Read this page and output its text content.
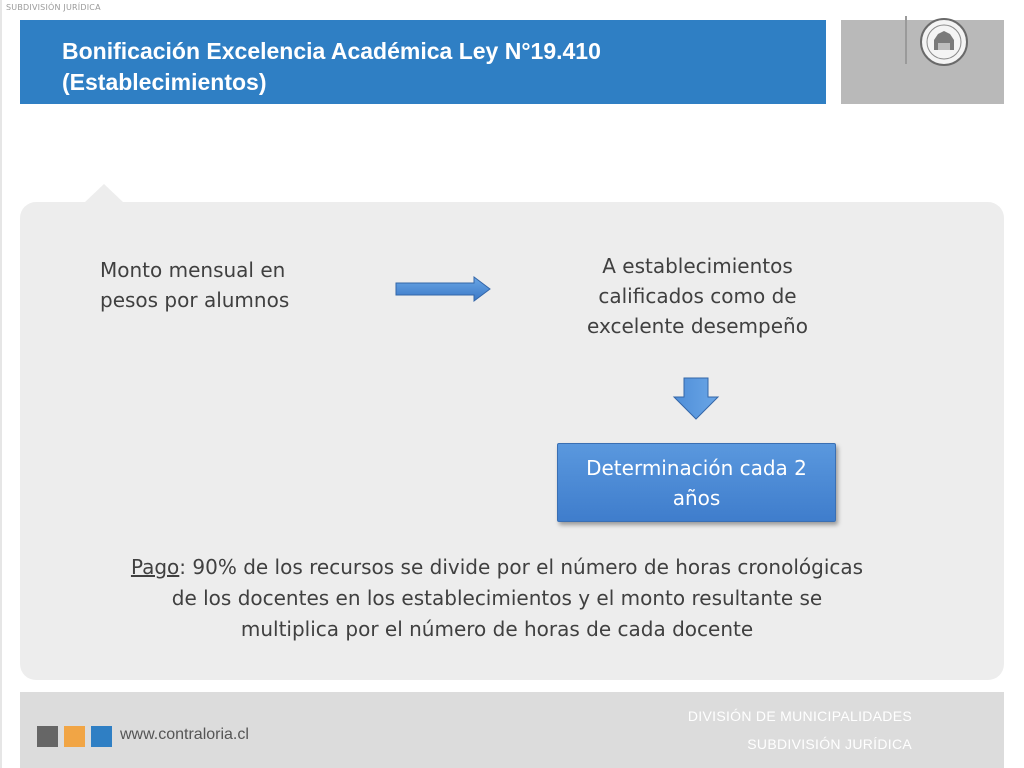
SUBDIVISIÓN JURÍDICA
Bonificación Excelencia Académica Ley N°19.410
(Establecimientos)
Monto mensual en pesos por alumnos
A establecimientos calificados como de excelente desempeño
Determinación cada 2 años
Pago: 90% de los recursos se divide por el número de horas cronológicas de los docentes en los establecimientos y el monto resultante se multiplica por el número de horas de cada docente
www.contraloria.cl
DIVISIÓN DE MUNICIPALIDADES
SUBDIVISIÓN JURÍDICA
